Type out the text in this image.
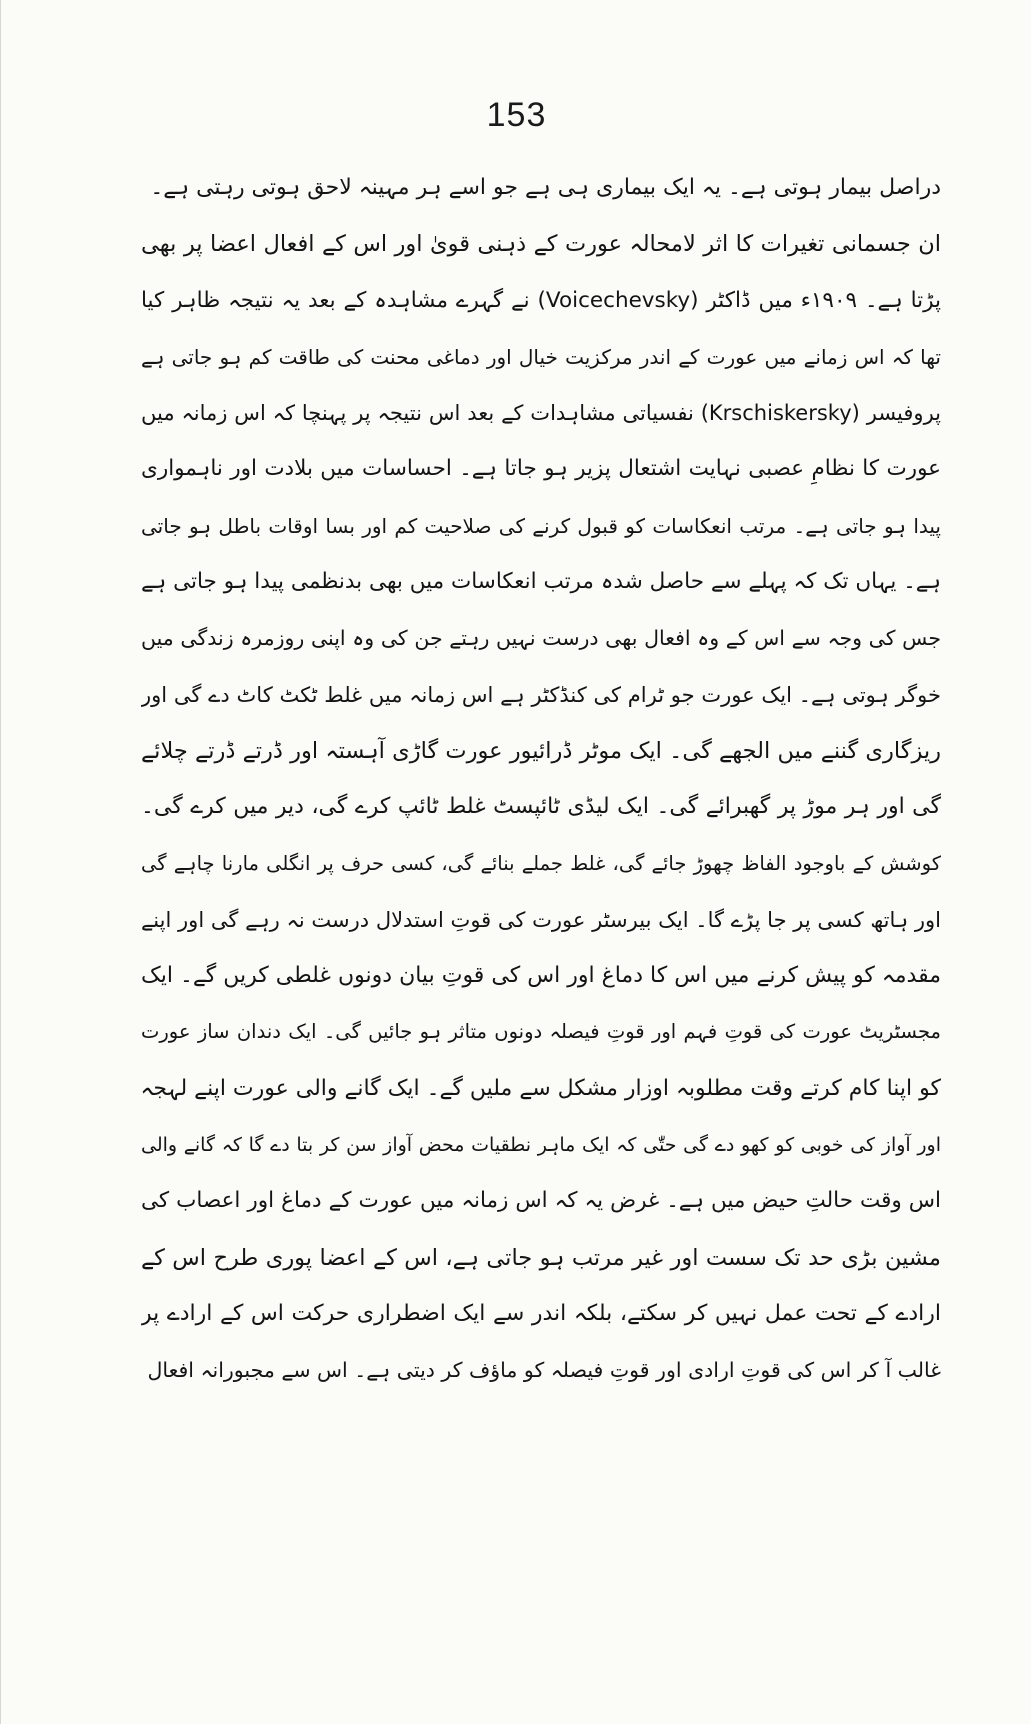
153
دراصل بیمار ہوتی ہے۔ یہ ایک بیماری ہی ہے جو اسے ہر مہینہ لاحق ہوتی رہتی ہے۔
ان جسمانی تغیرات کا اثر لامحالہ عورت کے ذہنی قویٰ اور اس کے افعال اعضا پر بھی
پڑتا ہے۔ ۱۹۰۹ء میں ڈاکٹر (Voicechevsky) نے گہرے مشاہدہ کے بعد یہ نتیجہ ظاہر کیا
تھا کہ اس زمانے میں عورت کے اندر مرکزیت خیال اور دماغی محنت کی طاقت کم ہو جاتی ہے
پروفیسر (Krschiskersky) نفسیاتی مشاہدات کے بعد اس نتیجہ پر پہنچا کہ اس زمانہ میں
عورت کا نظامِ عصبی نہایت اشتعال پزیر ہو جاتا ہے۔ احساسات میں بلادت اور ناہمواری
پیدا ہو جاتی ہے۔ مرتب انعکاسات کو قبول کرنے کی صلاحیت کم اور بسا اوقات باطل ہو جاتی
ہے۔ یہاں تک کہ پہلے سے حاصل شدہ مرتب انعکاسات میں بھی بدنظمی پیدا ہو جاتی ہے
جس کی وجہ سے اس کے وہ افعال بھی درست نہیں رہتے جن کی وہ اپنی روزمرہ زندگی میں
خوگر ہوتی ہے۔ ایک عورت جو ٹرام کی کنڈکٹر ہے اس زمانہ میں غلط ٹکٹ کاٹ دے گی اور
ریزگاری گننے میں الجھے گی۔ ایک موٹر ڈرائیور عورت گاڑی آہستہ اور ڈرتے ڈرتے چلائے
گی اور ہر موڑ پر گھبرائے گی۔ ایک لیڈی ٹائپسٹ غلط ٹائپ کرے گی، دیر میں کرے گی۔
کوشش کے باوجود الفاظ چھوڑ جائے گی، غلط جملے بنائے گی، کسی حرف پر انگلی مارنا چاہے گی
اور ہاتھ کسی پر جا پڑے گا۔ ایک بیرسٹر عورت کی قوتِ استدلال درست نہ رہے گی اور اپنے
مقدمہ کو پیش کرنے میں اس کا دماغ اور اس کی قوتِ بیان دونوں غلطی کریں گے۔ ایک
مجسٹریٹ عورت کی قوتِ فہم اور قوتِ فیصلہ دونوں متاثر ہو جائیں گی۔ ایک دندان ساز عورت
کو اپنا کام کرتے وقت مطلوبہ اوزار مشکل سے ملیں گے۔ ایک گانے والی عورت اپنے لہجہ
اور آواز کی خوبی کو کھو دے گی حتّٰی کہ ایک ماہر نطقیات محض آواز سن کر بتا دے گا کہ گانے والی
اس وقت حالتِ حیض میں ہے۔ غرض یہ کہ اس زمانہ میں عورت کے دماغ اور اعصاب کی
مشین بڑی حد تک سست اور غیر مرتب ہو جاتی ہے، اس کے اعضا پوری طرح اس کے
ارادے کے تحت عمل نہیں کر سکتے، بلکہ اندر سے ایک اضطراری حرکت اس کے ارادے پر
غالب آ کر اس کی قوتِ ارادی اور قوتِ فیصلہ کو ماؤف کر دیتی ہے۔ اس سے مجبورانہ افعال
